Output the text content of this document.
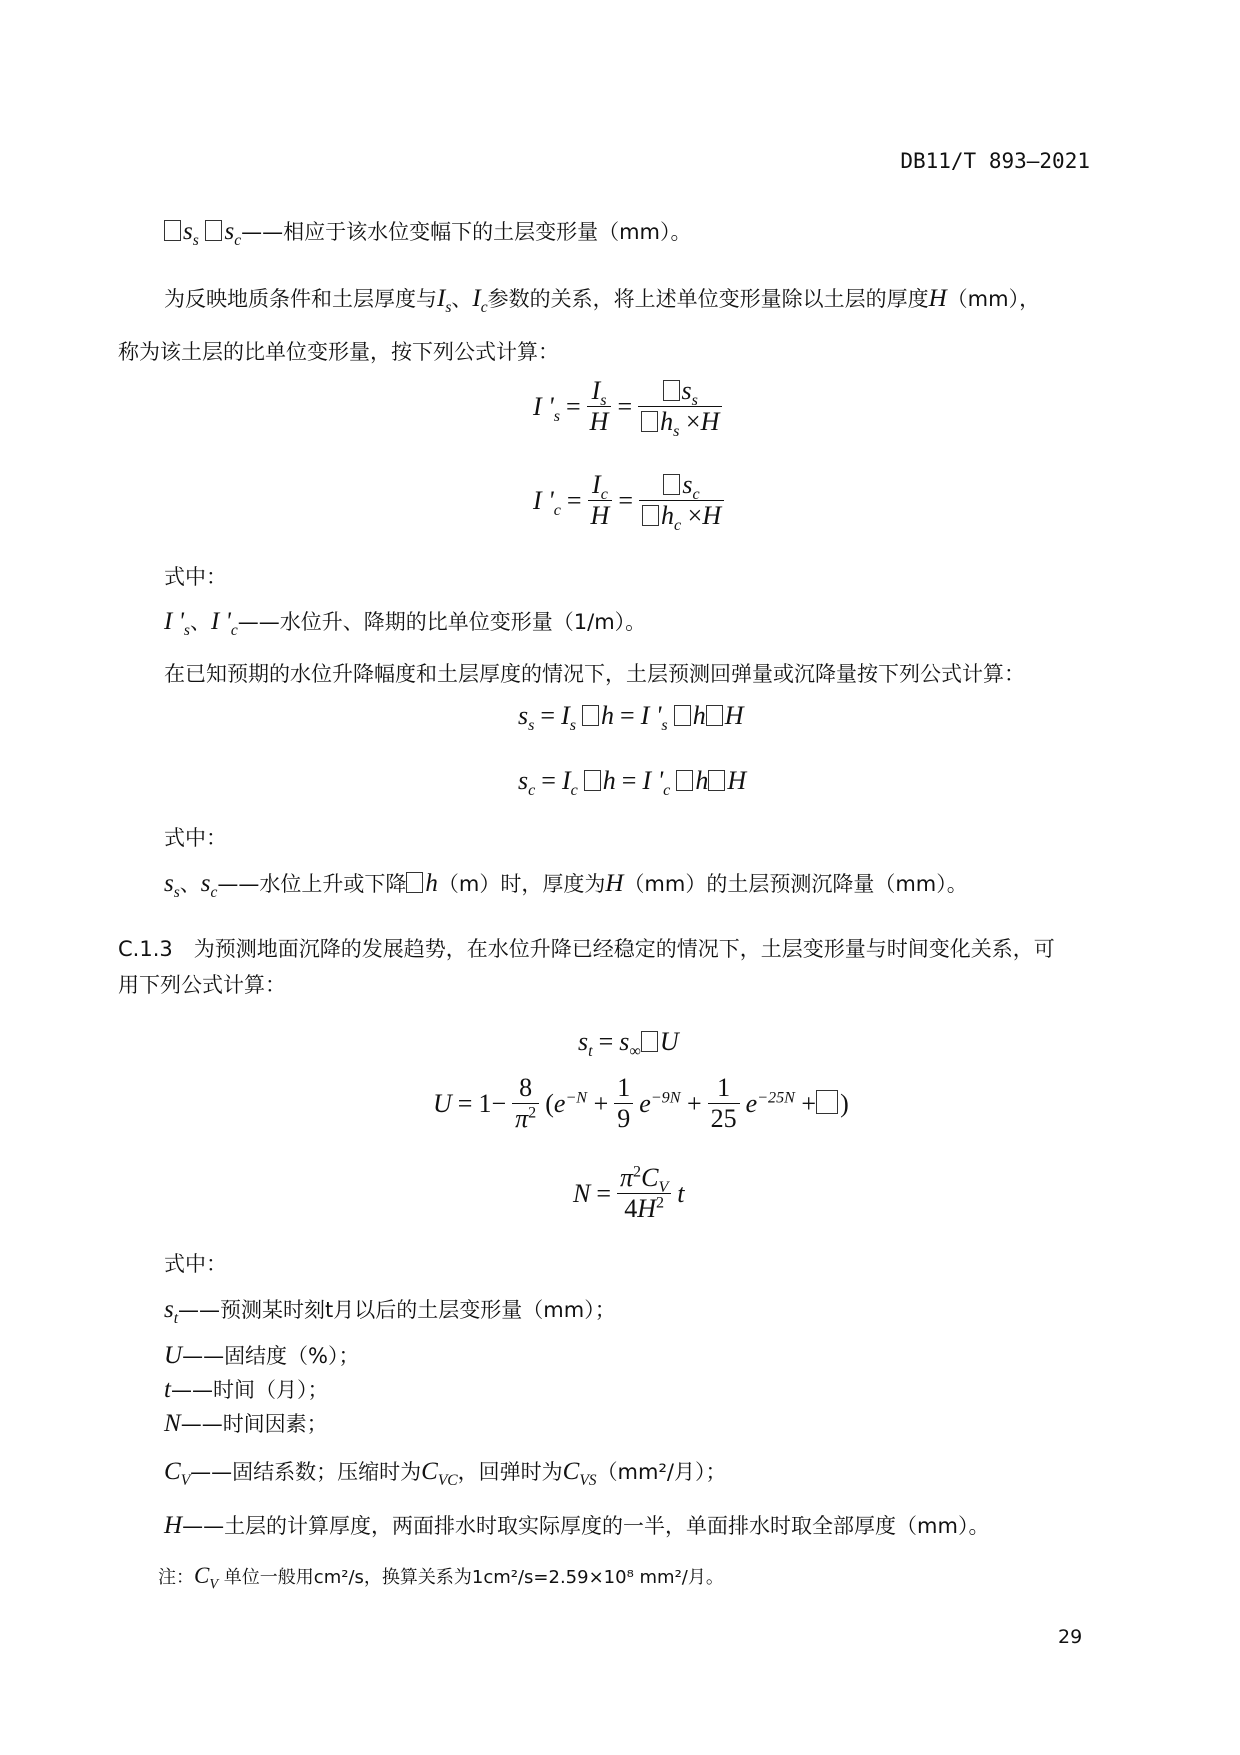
DB11/T 893—2021
29
$s_s$ $s_c——$相应于该水位变幅下的土层变形量（mm）。
为反映地质条件和土层厚度与$I_s$、$I_c$参数的关系，将上述单位变形量除以土层的厚度H（mm），
称为该土层的比单位变形量，按下列公式计算：
I '$_s = \frac{I_s}{H} = \frac{s_s}{h_s \times H}$
I '$_c = \frac{I_c}{H} = \frac{s_c}{h_c \times H}$
式中：
I '$_s$、I '$_c——$水位升、降期的比单位变形量（1/m）。
在已知预期的水位升降幅度和土层厚度的情况下，土层预测回弹量或沉降量按下列公式计算：
$s_s = I_s$ h = I '$_s$ h H
$s_c = I_c$ h = I '$_c$ h H
式中：
$s_s$、$s_c——$水位上升或下降 h（m）时，厚度为H（mm）的土层预测沉降量（mm）。
C.1.3　为预测地面沉降的发展趋势，在水位升降已经稳定的情况下，土层变形量与时间变化关系，可
用下列公式计算：
$s_t = s_\infty$ U
$U = 1- \frac{8}{\pi^2} (e^{-N} + \frac{1}{9} e^{-9N} + \frac{1}{25} e^{-25N}$ + )
$N = \frac{\pi^2C_V}{4H^2}$ t
式中：
$s_t——$预测某时刻t月以后的土层变形量（mm）；
U——固结度（%）；
t——时间（月）；
N——时间因素；
$C_V——$固结系数；压缩时为$C_{VC}$，回弹时为$C_{VS}(mm^2/$月）；
H——土层的计算厚度，两面排水时取实际厚度的一半，单面排水时取全部厚度（mm）。
注：$C_V$ 单位一般用cm²/s，换算关系为1cm²/s=2.59×10⁸ mm²/月。
